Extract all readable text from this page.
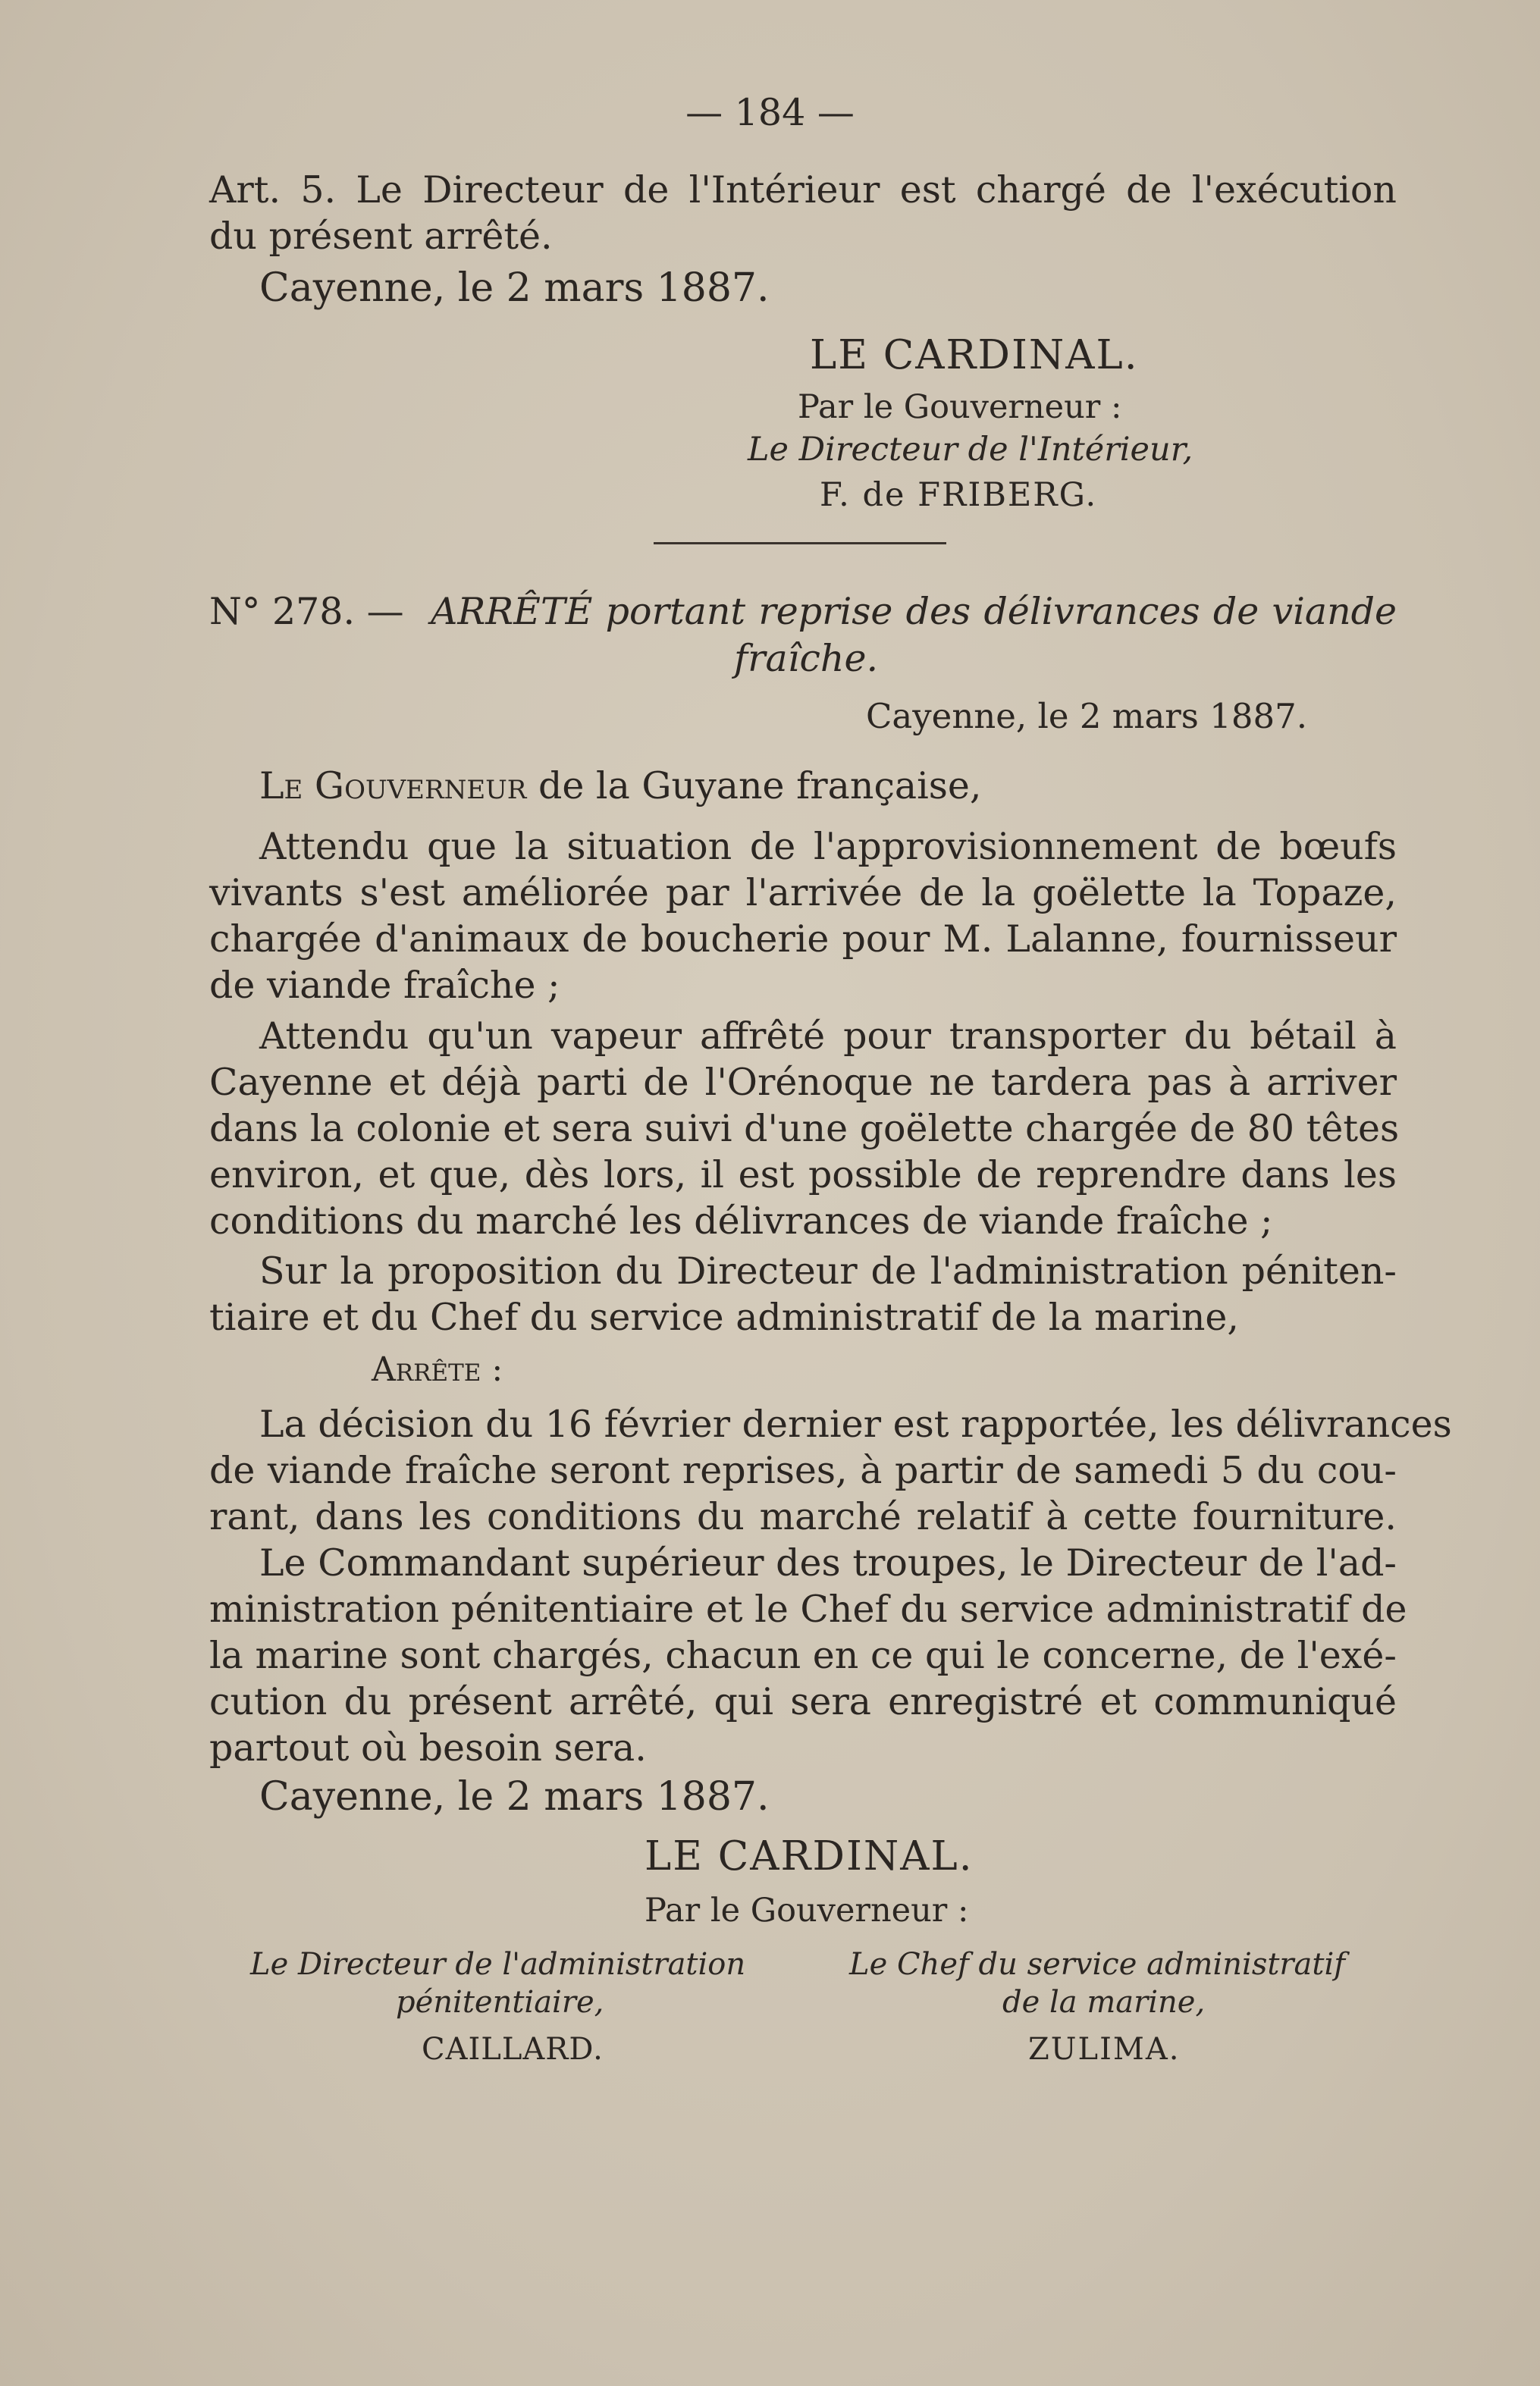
— 184 —
Art. 5. Le Directeur de l'Intérieur est chargé de l'exécution
du présent arrêté.
Cayenne, le 2 mars 1887.
LE CARDINAL.
Par le Gouverneur :
Le Directeur de l'Intérieur,
F. de FRIBERG.
N° 278. — ARRÊTÉ portant reprise des délivrances de viande
fraîche.
Cayenne, le 2 mars 1887.
Le Gouverneur de la Guyane française,
Attendu que la situation de l'approvisionnement de bœufs
vivants s'est améliorée par l'arrivée de la goëlette la Topaze,
chargée d'animaux de boucherie pour M. Lalanne, fournisseur
de viande fraîche ;
Attendu qu'un vapeur affrêté pour transporter du bétail à
Cayenne et déjà parti de l'Orénoque ne tardera pas à arriver
dans la colonie et sera suivi d'une goëlette chargée de 80 têtes
environ, et que, dès lors, il est possible de reprendre dans les
conditions du marché les délivrances de viande fraîche ;
Sur la proposition du Directeur de l'administration péniten-
tiaire et du Chef du service administratif de la marine,
Arrête :
La décision du 16 février dernier est rapportée, les délivrances
de viande fraîche seront reprises, à partir de samedi 5 du cou-
rant, dans les conditions du marché relatif à cette fourniture.
Le Commandant supérieur des troupes, le Directeur de l'ad-
ministration pénitentiaire et le Chef du service administratif de
la marine sont chargés, chacun en ce qui le concerne, de l'exé-
cution du présent arrêté, qui sera enregistré et communiqué
partout où besoin sera.
Cayenne, le 2 mars 1887.
LE CARDINAL.
Par le Gouverneur :
Le Directeur de l'administration
pénitentiaire,
CAILLARD.
Le Chef du service administratif
de la marine,
ZULIMA.
